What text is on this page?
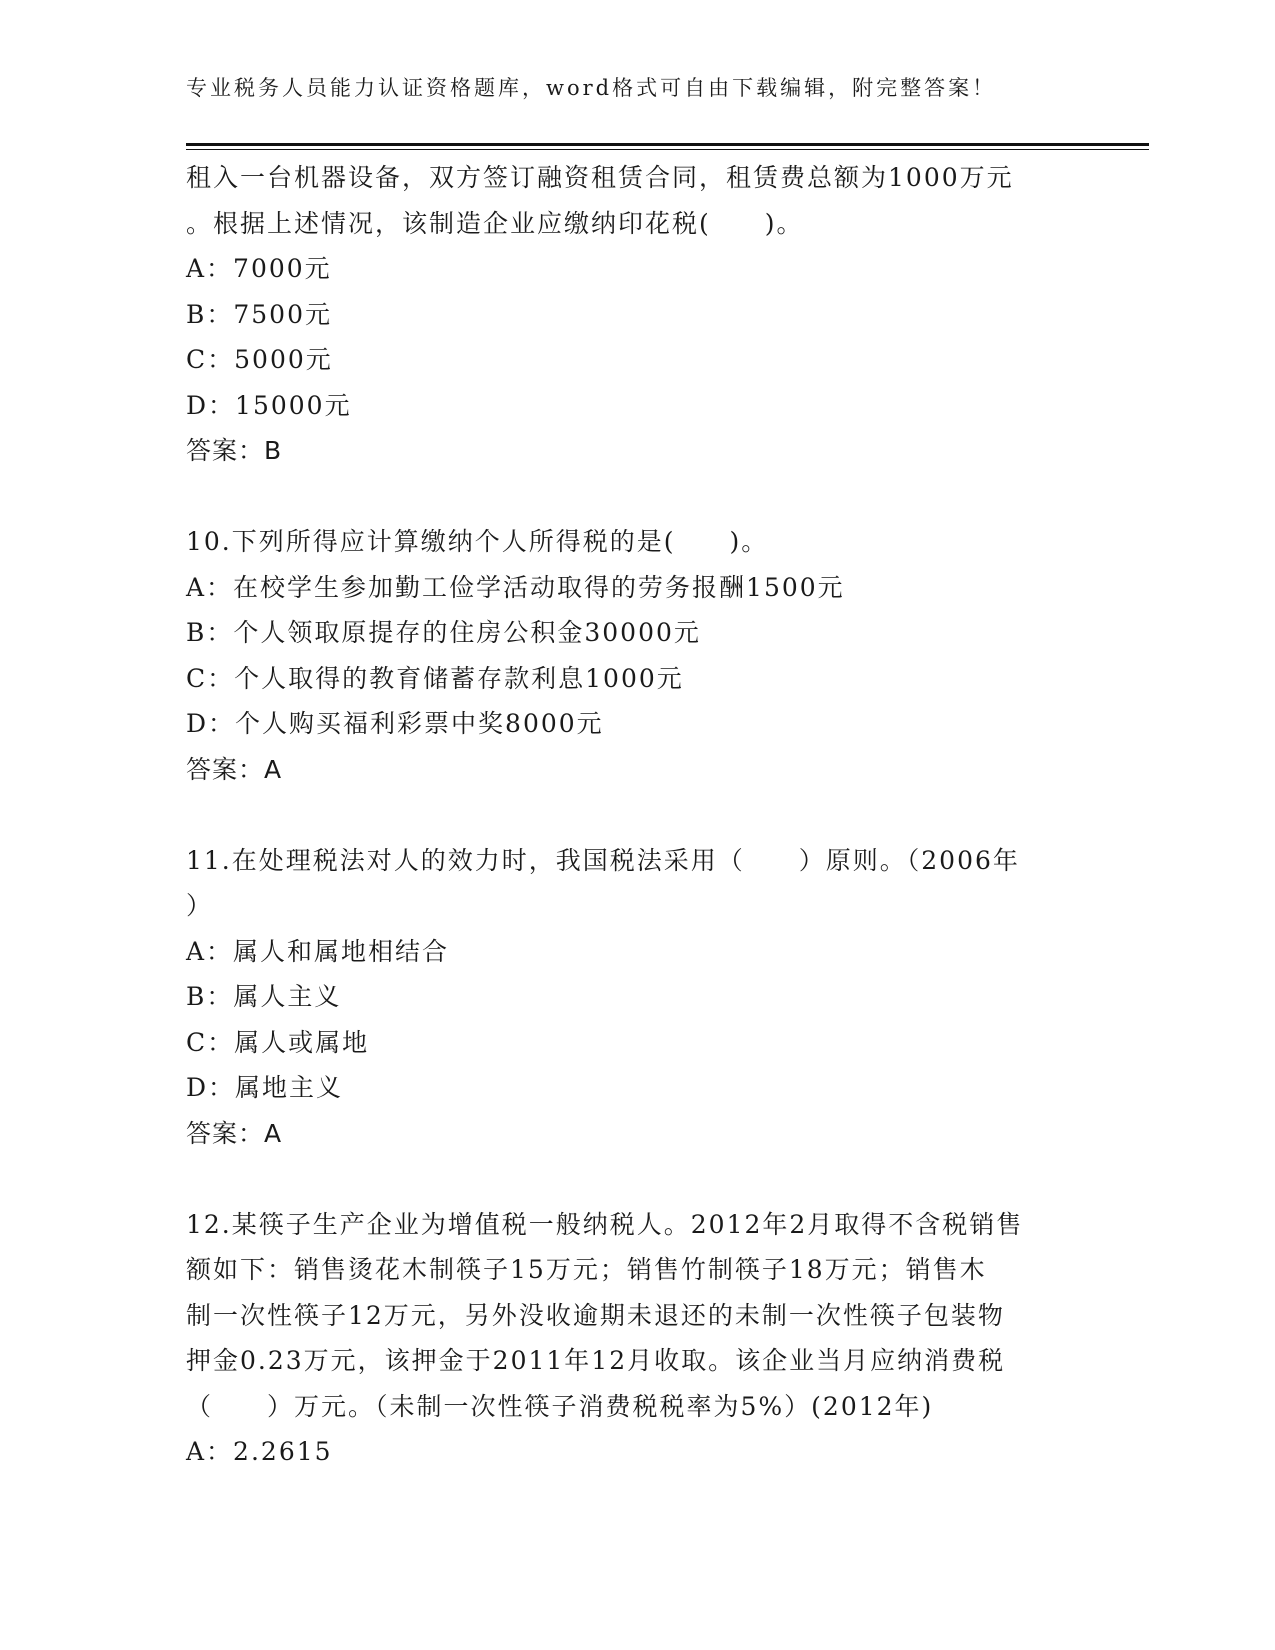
专业税务人员能力认证资格题库，word格式可自由下载编辑，附完整答案！
租入一台机器设备，双方签订融资租赁合同，租赁费总额为1000万元
。根据上述情况，该制造企业应缴纳印花税(　　)。
A：7000元
B：7500元
C：5000元
D：15000元
答案：B
10.下列所得应计算缴纳个人所得税的是(　　)。
A：在校学生参加勤工俭学活动取得的劳务报酬1500元
B：个人领取原提存的住房公积金30000元
C：个人取得的教育储蓄存款利息1000元
D：个人购买福利彩票中奖8000元
答案：A
11.在处理税法对人的效力时，我国税法采用（　　）原则。（2006年
）
A：属人和属地相结合
B：属人主义
C：属人或属地
D：属地主义
答案：A
12.某筷子生产企业为增值税一般纳税人。2012年2月取得不含税销售
额如下：销售烫花木制筷子15万元；销售竹制筷子18万元；销售木
制一次性筷子12万元，另外没收逾期未退还的未制一次性筷子包装物
押金0.23万元，该押金于2011年12月收取。该企业当月应纳消费税
（　　）万元。（未制一次性筷子消费税税率为5%）(2012年)
A：2.2615
